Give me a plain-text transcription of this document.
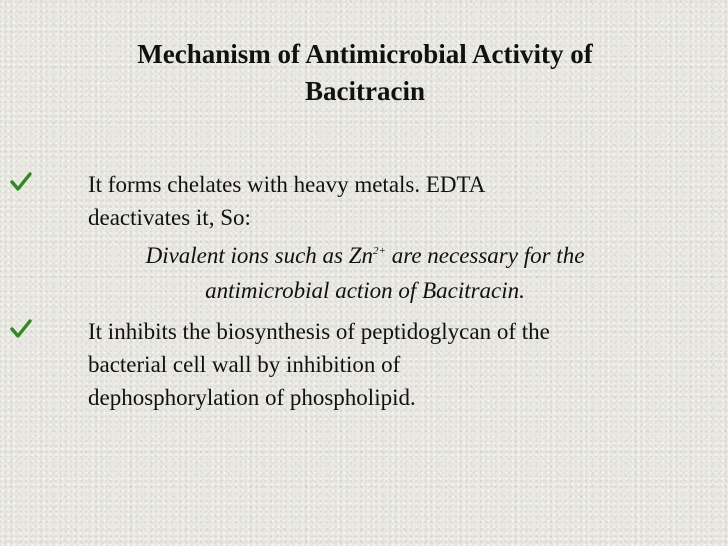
Mechanism of Antimicrobial Activity of
Bacitracin
It forms chelates with heavy metals. EDTA
deactivates it, So:
Divalent ions such as $Zn^{2+}$ are necessary for the
antimicrobial action of Bacitracin.
It inhibits the biosynthesis of peptidoglycan of the
bacterial cell wall by inhibition of
dephosphorylation of phospholipid.
